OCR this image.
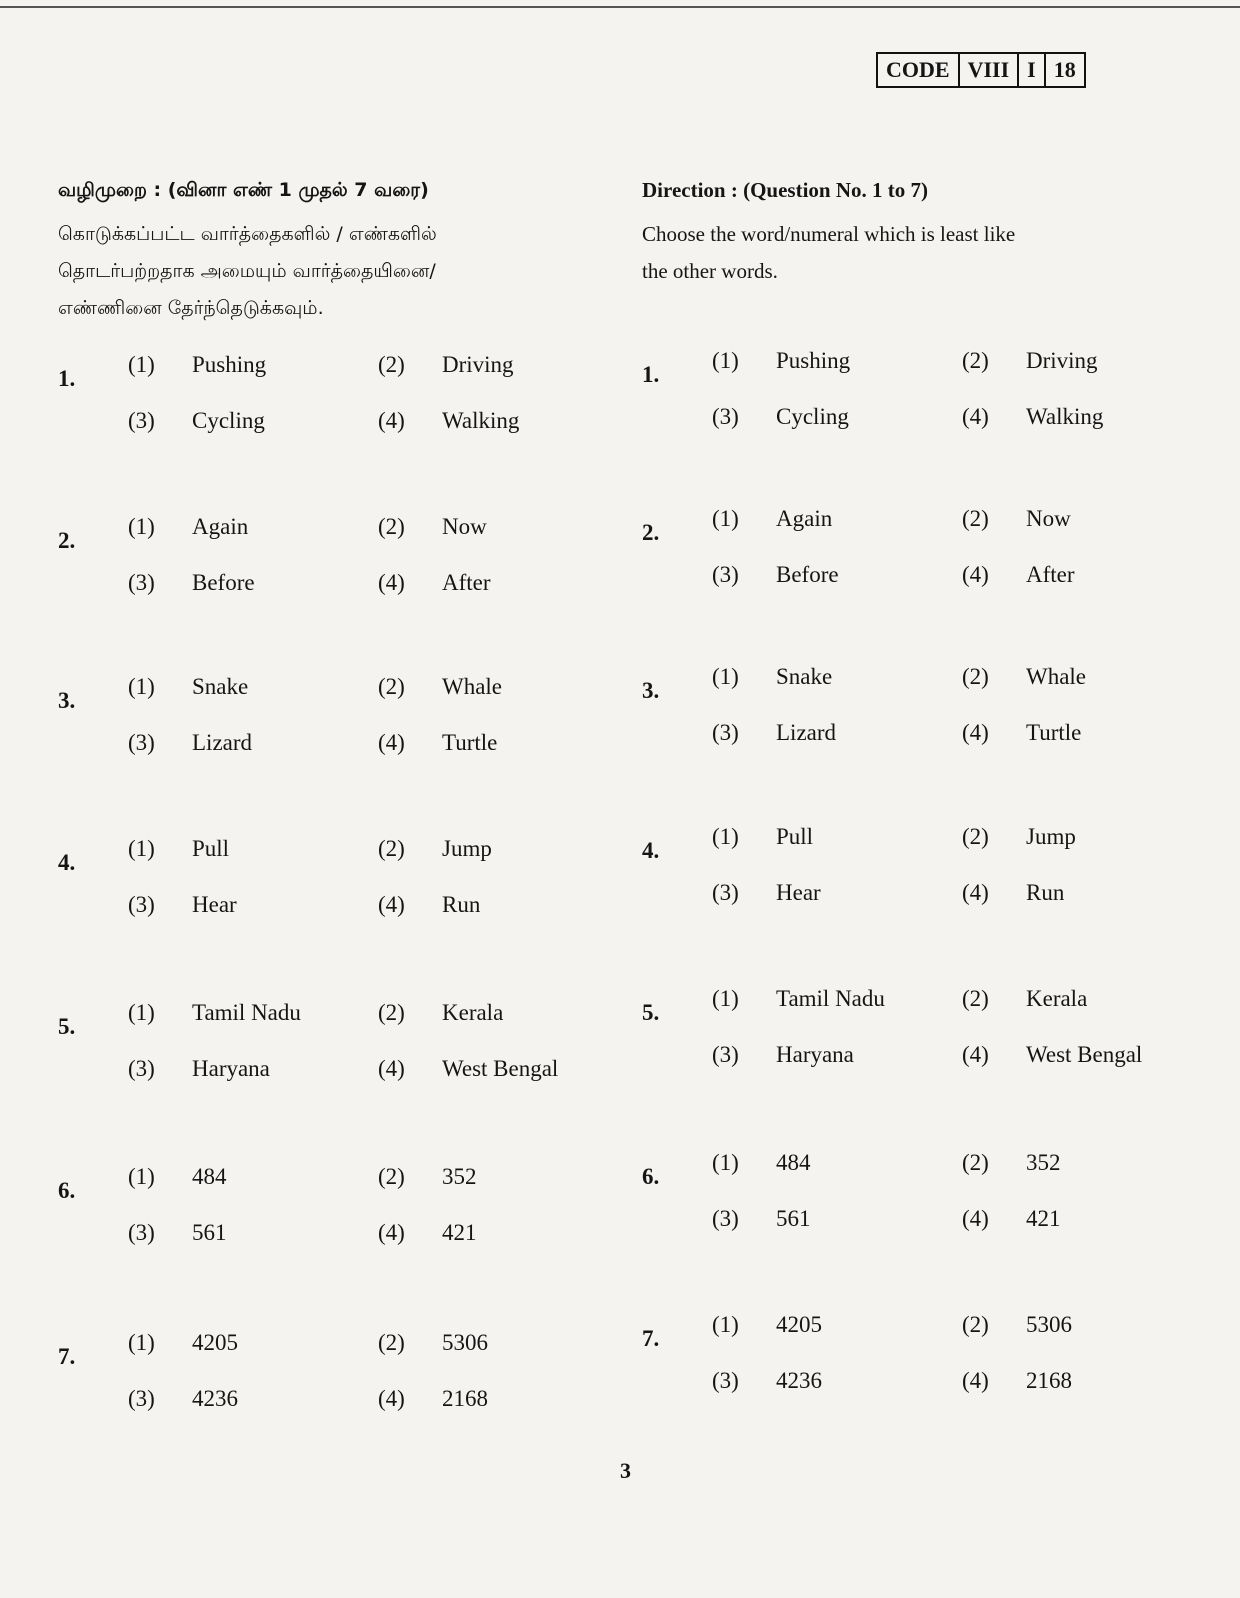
CODE VIII I 18

வழிமுறை : (வினா எண் 1 முதல் 7 வரை)

கொடுக்கப்பட்ட வார்த்தைகளில் / எண்களில்
தொடர்பற்றதாக அமையும் வார்த்தையினை/
எண்ணினை தேர்ந்தெடுக்கவும்.

1.
(1)	Pushing	(2)	Driving
(3)	Cycling	(4)	Walking
2.
(1)	Again	(2)	Now
(3)	Before	(4)	After
3.
(1)	Snake	(2)	Whale
(3)	Lizard	(4)	Turtle
4.
(1)	Pull	(2)	Jump
(3)	Hear	(4)	Run
5.
(1)	Tamil Nadu	(2)	Kerala
(3)	Haryana	(4)	West Bengal
6.
(1)	484	(2)	352
(3)	561	(4)	421
7.
(1)	4205	(2)	5306
(3)	4236	(4)	2168

Direction : (Question No. 1 to 7)

Choose the word/numeral which is least like
the other words.

1.
(1)	Pushing	(2)	Driving
(3)	Cycling	(4)	Walking
2.
(1)	Again	(2)	Now
(3)	Before	(4)	After
3.
(1)	Snake	(2)	Whale
(3)	Lizard	(4)	Turtle
4.
(1)	Pull	(2)	Jump
(3)	Hear	(4)	Run
5.
(1)	Tamil Nadu	(2)	Kerala
(3)	Haryana	(4)	West Bengal
6.
(1)	484	(2)	352
(3)	561	(4)	421
7.
(1)	4205	(2)	5306
(3)	4236	(4)	2168
3
